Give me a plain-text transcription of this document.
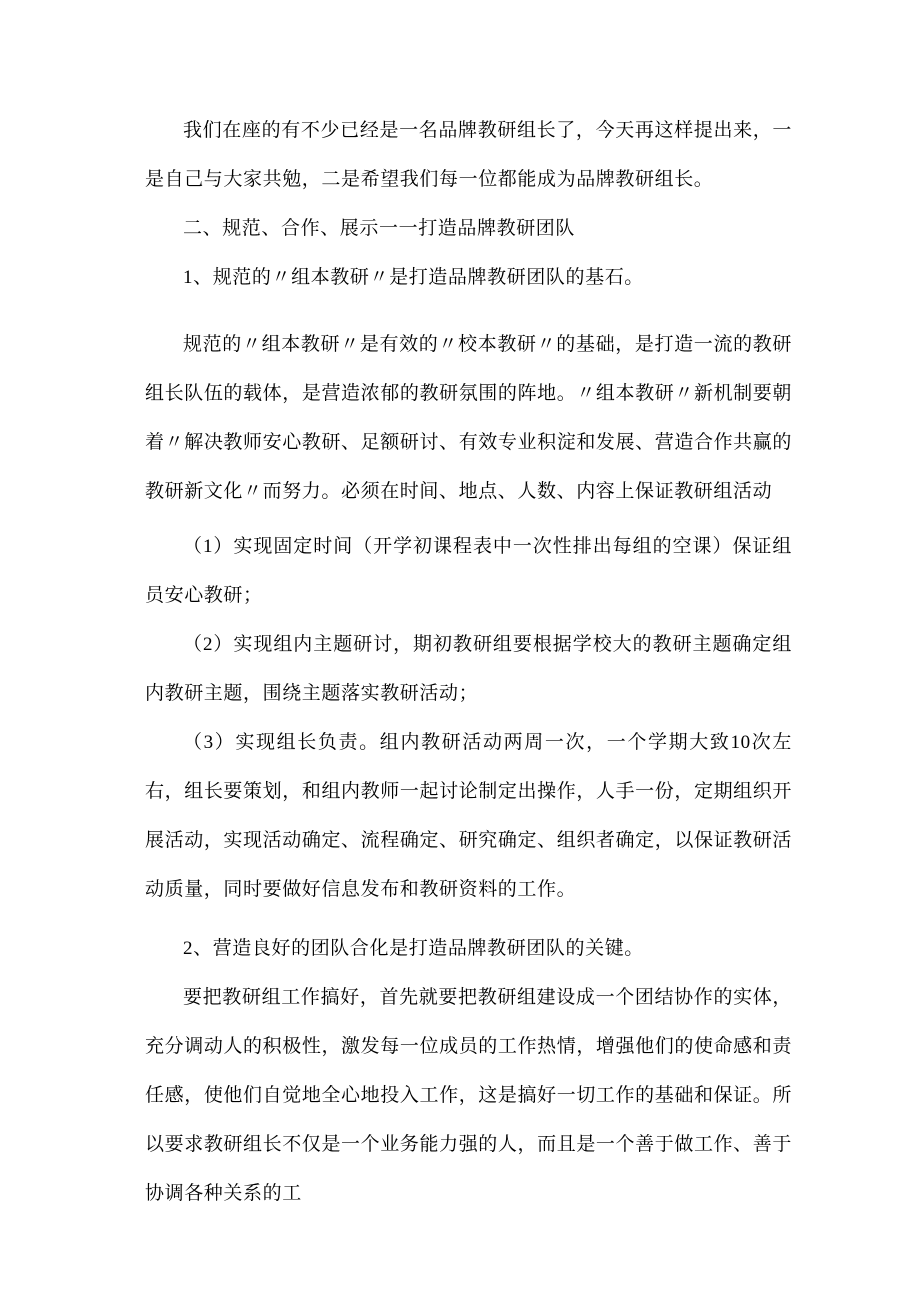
我们在座的有不少已经是一名品牌教研组长了，今天再这样提出来，一是自己与大家共勉，二是希望我们每一位都能成为品牌教研组长。

二、规范、合作、展示一一打造品牌教研团队

1、规范的〃组本教研〃是打造品牌教研团队的基石。

规范的〃组本教研〃是有效的〃校本教研〃的基础，是打造一流的教研组长队伍的载体，是营造浓郁的教研氛围的阵地。〃组本教研〃新机制要朝着〃解决教师安心教研、足额研讨、有效专业积淀和发展、营造合作共赢的教研新文化〃而努力。必须在时间、地点、人数、内容上保证教研组活动

（1）实现固定时间（开学初课程表中一次性排出每组的空课）保证组员安心教研；

（2）实现组内主题研讨，期初教研组要根据学校大的教研主题确定组内教研主题，围绕主题落实教研活动；

（3）实现组长负责。组内教研活动两周一次，一个学期大致10次左右，组长要策划，和组内教师一起讨论制定出操作，人手一份，定期组织开展活动，实现活动确定、流程确定、研究确定、组织者确定，以保证教研活动质量，同时要做好信息发布和教研资料的工作。

2、营造良好的团队合化是打造品牌教研团队的关键。

要把教研组工作搞好，首先就要把教研组建设成一个团结协作的实体，充分调动人的积极性，激发每一位成员的工作热情，增强他们的使命感和责任感，使他们自觉地全心地投入工作，这是搞好一切工作的基础和保证。所以要求教研组长不仅是一个业务能力强的人，而且是一个善于做工作、善于协调各种关系的工
